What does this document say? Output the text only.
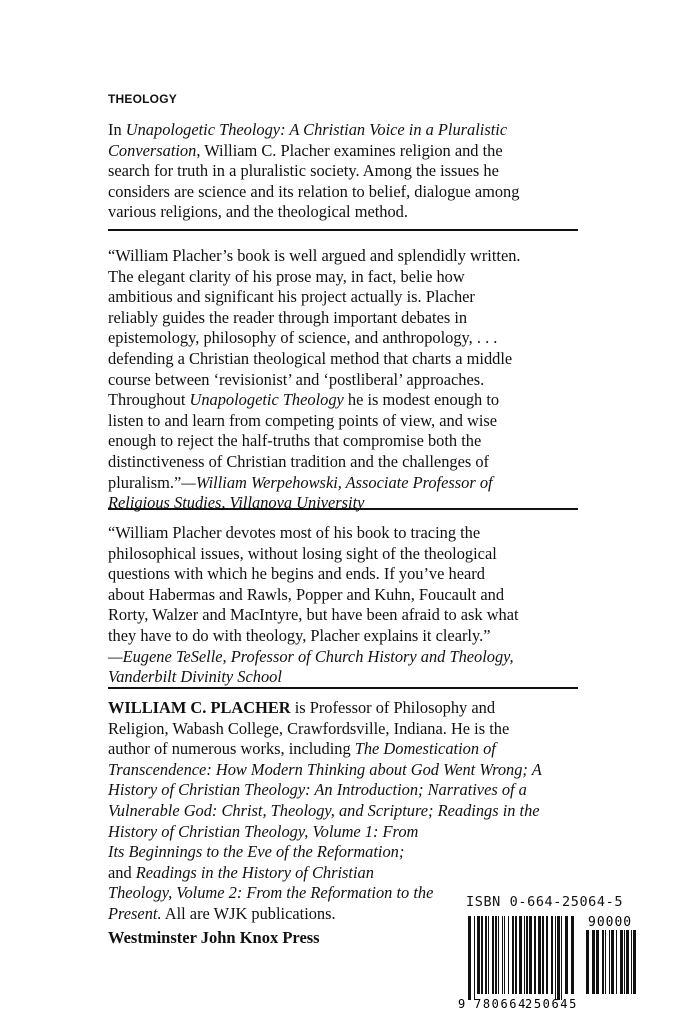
THEOLOGY
In Unapologetic Theology: A Christian Voice in a Pluralistic
Conversation, William C. Placher examines religion and the
search for truth in a pluralistic society. Among the issues he
considers are science and its relation to belief, dialogue among
various religions, and the theological method.
“William Placher’s book is well argued and splendidly written.
The elegant clarity of his prose may, in fact, belie how
ambitious and significant his project actually is. Placher
reliably guides the reader through important debates in
epistemology, philosophy of science, and anthropology, . . .
defending a Christian theological method that charts a middle
course between ‘revisionist’ and ‘postliberal’ approaches.
Throughout Unapologetic Theology he is modest enough to
listen to and learn from competing points of view, and wise
enough to reject the half-truths that compromise both the
distinctiveness of Christian tradition and the challenges of
pluralism.”—William Werpehowski, Associate Professor of
Religious Studies, Villanova University
“William Placher devotes most of his book to tracing the
philosophical issues, without losing sight of the theological
questions with which he begins and ends. If you’ve heard
about Habermas and Rawls, Popper and Kuhn, Foucault and
Rorty, Walzer and MacIntyre, but have been afraid to ask what
they have to do with theology, Placher explains it clearly.”
—Eugene TeSelle, Professor of Church History and Theology,
Vanderbilt Divinity School
WILLIAM C. PLACHER is Professor of Philosophy and
Religion, Wabash College, Crawfordsville, Indiana. He is the
author of numerous works, including The Domestication of
Transcendence: How Modern Thinking about God Went Wrong; A
History of Christian Theology: An Introduction; Narratives of a
Vulnerable God: Christ, Theology, and Scripture; Readings in the
History of Christian Theology, Volume 1: From
Its Beginnings to the Eve of the Reformation;
and Readings in the History of Christian
Theology, Volume 2: From the Reformation to the
Present. All are WJK publications.
Westminster John Knox Press
ISBN 0-664-25064-5
90000
9 780664
250645
